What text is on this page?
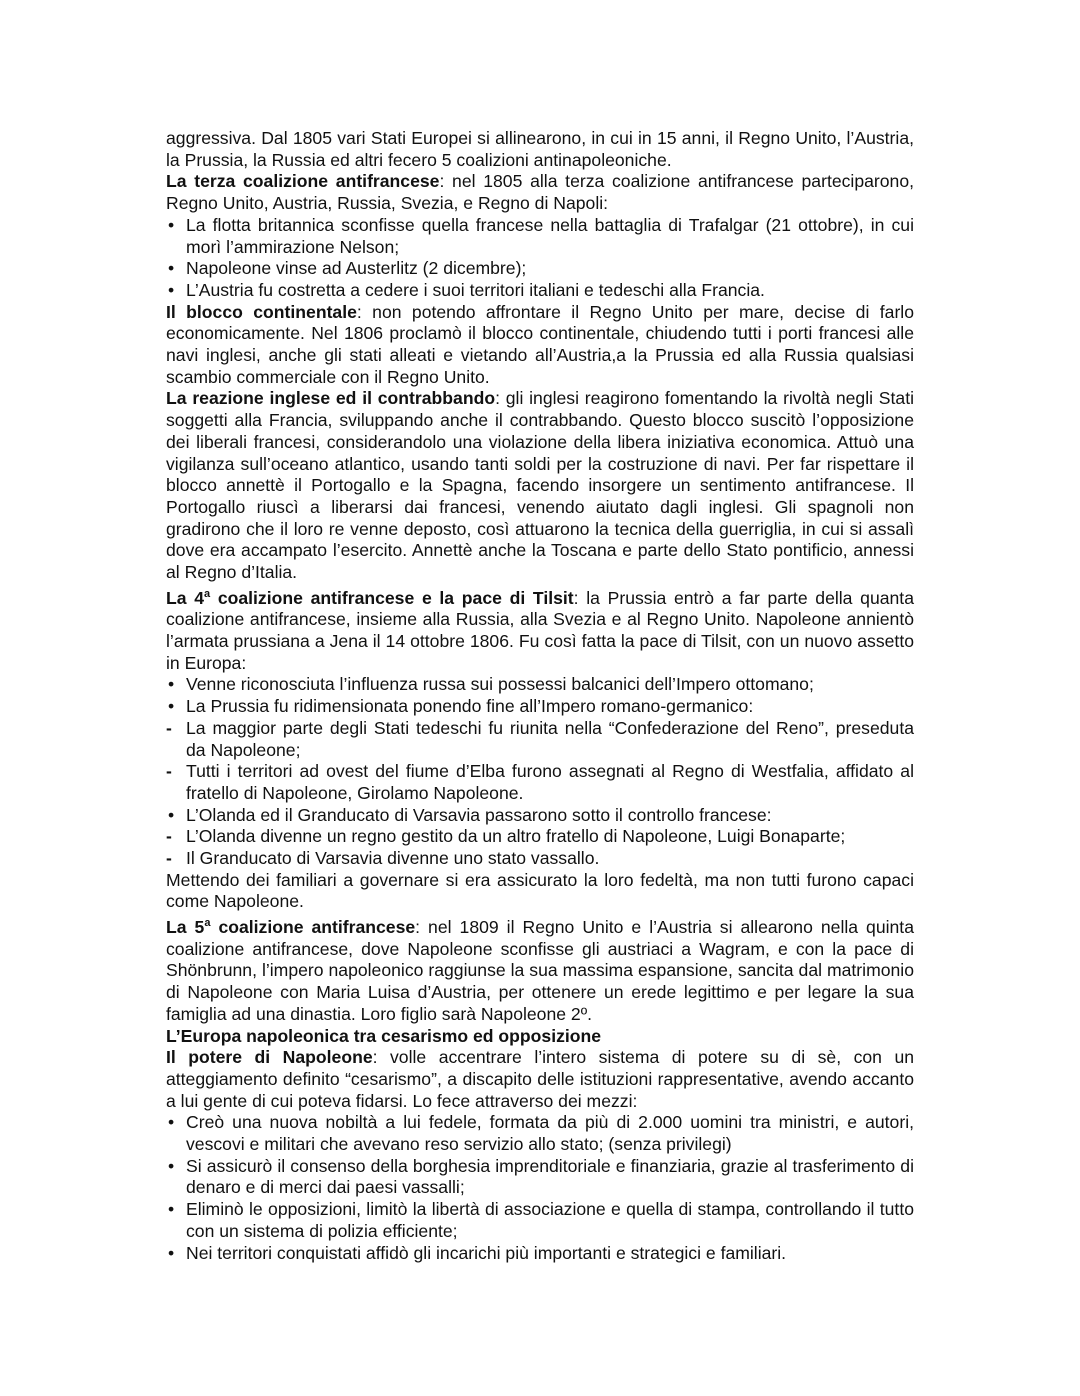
aggressiva. Dal 1805 vari Stati Europei si allinearono, in cui in 15 anni, il Regno Unito, l’Austria, la Prussia, la Russia ed altri fecero 5 coalizioni antinapoleoniche.

La terza coalizione antifrancese: nel 1805 alla terza coalizione antifrancese parteciparono, Regno Unito, Austria, Russia, Svezia, e Regno di Napoli:

• La flotta britannica sconfisse quella francese nella battaglia di Trafalgar (21 ottobre), in cui morì l’ammirazione Nelson;

• Napoleone vinse ad Austerlitz (2 dicembre);

• L’Austria fu costretta a cedere i suoi territori italiani e tedeschi alla Francia.

Il blocco continentale: non potendo affrontare il Regno Unito per mare, decise di farlo economicamente. Nel 1806 proclamò il blocco continentale, chiudendo tutti i porti francesi alle navi inglesi, anche gli stati alleati e vietando all’Austria,a la Prussia ed alla Russia qualsiasi scambio commerciale con il Regno Unito.

La reazione inglese ed il contrabbando: gli inglesi reagirono fomentando la rivoltà negli Stati soggetti alla Francia, sviluppando anche il contrabbando. Questo blocco suscitò l’opposizione dei liberali francesi, considerandolo una violazione della libera iniziativa economica. Attuò una vigilanza sull’oceano atlantico, usando tanti soldi per la costruzione di navi. Per far rispettare il blocco annettè il Portogallo e la Spagna, facendo insorgere un sentimento antifrancese. Il Portogallo riuscì a liberarsi dai francesi, venendo aiutato dagli inglesi. Gli spagnoli non gradirono che il loro re venne deposto, così attuarono la tecnica della guerriglia, in cui si assalì dove era accampato l’esercito. Annettè anche la Toscana e parte dello Stato pontificio, annessi al Regno d’Italia.

La 4$^a$ coalizione antifrancese e la pace di Tilsit: la Prussia entrò a far parte della quanta coalizione antifrancese, insieme alla Russia, alla Svezia e al Regno Unito. Napoleone annientò l’armata prussiana a Jena il 14 ottobre 1806. Fu così fatta la pace di Tilsit, con un nuovo assetto in Europa:

• Venne riconosciuta l’influenza russa sui possessi balcanici dell’Impero ottomano;

• La Prussia fu ridimensionata ponendo fine all’Impero romano-germanico:

- La maggior parte degli Stati tedeschi fu riunita nella “Confederazione del Reno”, preseduta da Napoleone;

- Tutti i territori ad ovest del fiume d’Elba furono assegnati al Regno di Westfalia, affidato al fratello di Napoleone, Girolamo Napoleone.

• L’Olanda ed il Granducato di Varsavia passarono sotto il controllo francese:

- L’Olanda divenne un regno gestito da un altro fratello di Napoleone, Luigi Bonaparte;

- Il Granducato di Varsavia divenne uno stato vassallo.

Mettendo dei familiari a governare si era assicurato la loro fedeltà, ma non tutti furono capaci come Napoleone.

La 5$^a$ coalizione antifrancese: nel 1809 il Regno Unito e l’Austria si allearono nella quinta coalizione antifrancese, dove Napoleone sconfisse gli austriaci a Wagram, e con la pace di Shönbrunn, l’impero napoleonico raggiunse la sua massima espansione, sancita dal matrimonio di Napoleone con Maria Luisa d’Austria, per ottenere un erede legittimo e per legare la sua famiglia ad una dinastia. Loro figlio sarà Napoleone 2º.

L’Europa napoleonica tra cesarismo ed opposizione

Il potere di Napoleone: volle accentrare l’intero sistema di potere su di sè, con un atteggiamento definito “cesarismo”, a discapito delle istituzioni rappresentative, avendo accanto a lui gente di cui poteva fidarsi. Lo fece attraverso dei mezzi:

• Creò una nuova nobiltà a lui fedele, formata da più di 2.000 uomini tra ministri, e autori, vescovi e militari che avevano reso servizio allo stato; (senza privilegi)

• Si assicurò il consenso della borghesia imprenditoriale e finanziaria, grazie al trasferimento di denaro e di merci dai paesi vassalli;

• Eliminò le opposizioni, limitò la libertà di associazione e quella di stampa, controllando il tutto con un sistema di polizia efficiente;

• Nei territori conquistati affidò gli incarichi più importanti e strategici e familiari.
